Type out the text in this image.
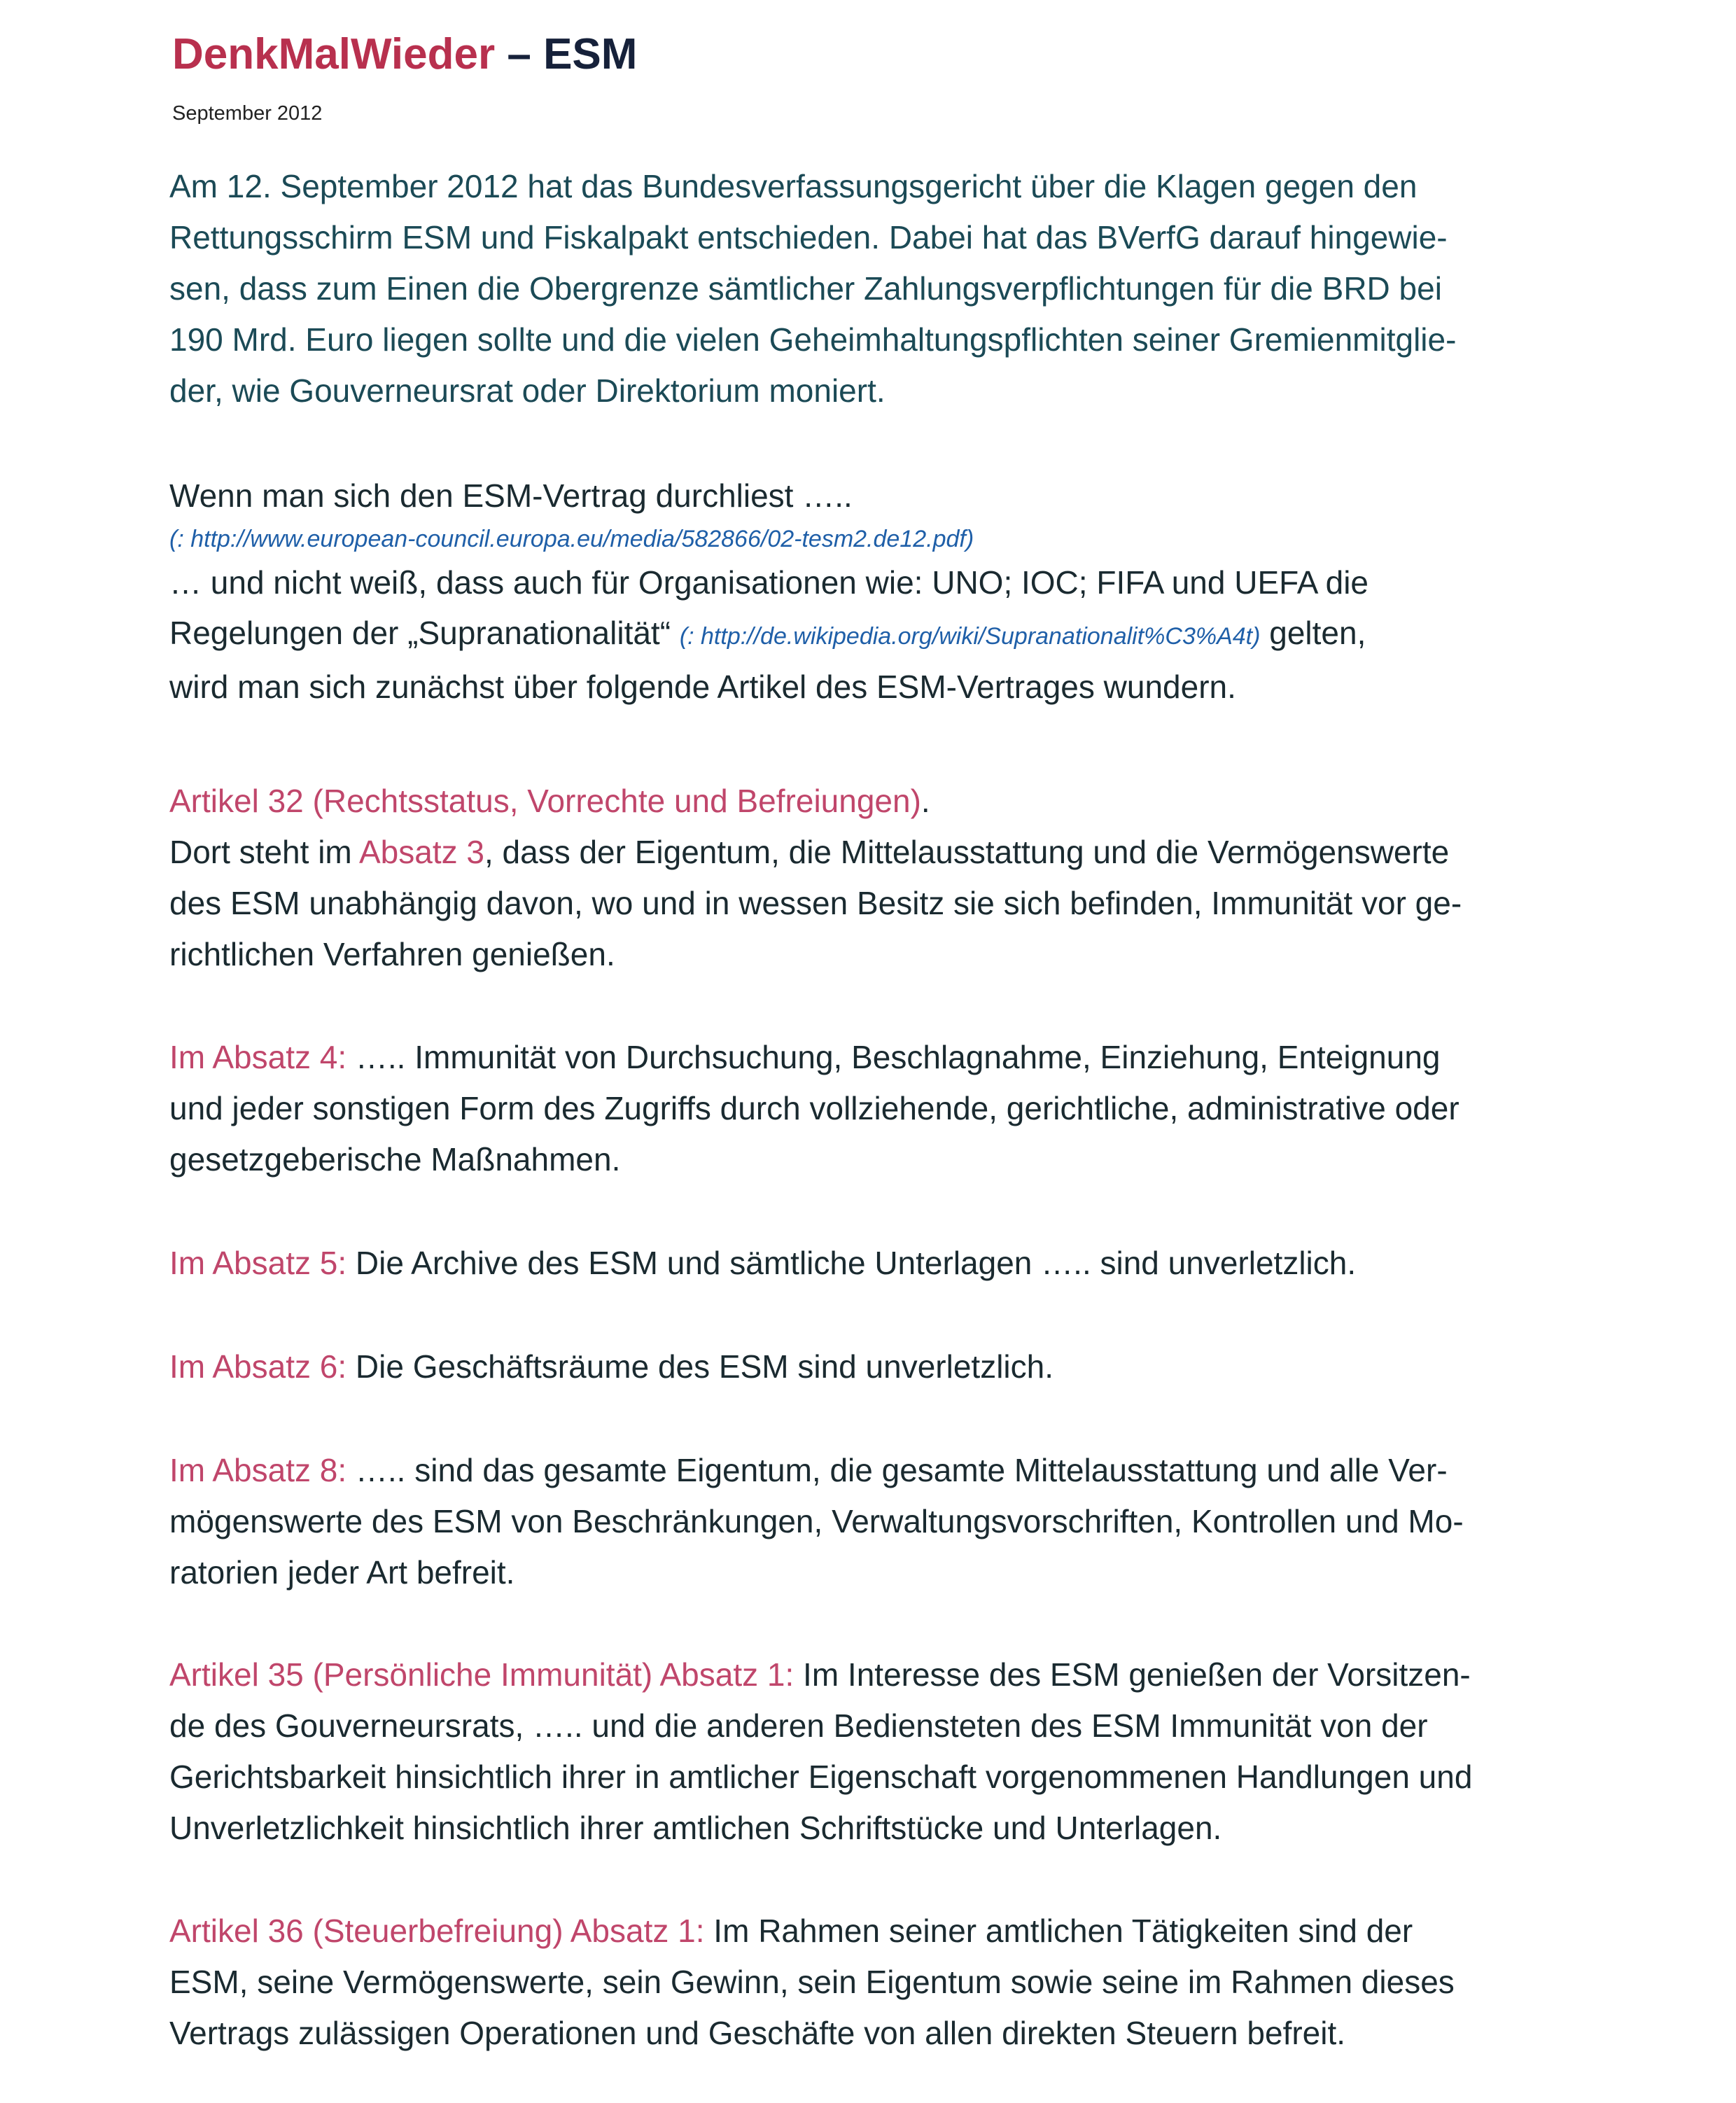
DenkMalWieder – ESM
September 2012
Am 12. September 2012 hat das Bundesverfassungsgericht über die Klagen gegen den
Rettungsschirm ESM und Fiskalpakt entschieden. Dabei hat das BVerfG darauf hingewie-
sen, dass zum Einen die Obergrenze sämtlicher Zahlungsverpflichtungen für die BRD bei
190 Mrd. Euro liegen sollte und die vielen Geheimhaltungspflichten seiner Gremienmitglie-
der, wie Gouverneursrat oder Direktorium moniert.
Wenn man sich den ESM-Vertrag durchliest …..
(: http://www.european-council.europa.eu/media/582866/02-tesm2.de12.pdf)
… und nicht weiß, dass auch für Organisationen wie: UNO; IOC; FIFA und UEFA die
Regelungen der „Supranationalität“ (: http://de.wikipedia.org/wiki/Supranationalit%C3%A4t) gelten,
wird man sich zunächst über folgende Artikel des ESM-Vertrages wundern.
Artikel 32 (Rechtsstatus, Vorrechte und Befreiungen).
Dort steht im Absatz 3, dass der Eigentum, die Mittelausstattung und die Vermögenswerte
des ESM unabhängig davon, wo und in wessen Besitz sie sich befinden, Immunität vor ge-
richtlichen Verfahren genießen.
Im Absatz 4: ….. Immunität von Durchsuchung, Beschlagnahme, Einziehung, Enteignung
und jeder sonstigen Form des Zugriffs durch vollziehende, gerichtliche, administrative oder
gesetzgeberische Maßnahmen.
Im Absatz 5: Die Archive des ESM und sämtliche Unterlagen ….. sind unverletzlich.
Im Absatz 6: Die Geschäftsräume des ESM sind unverletzlich.
Im Absatz 8: ….. sind das gesamte Eigentum, die gesamte Mittelausstattung und alle Ver-
mögenswerte des ESM von Beschränkungen, Verwaltungsvorschriften, Kontrollen und Mo-
ratorien jeder Art befreit.
Artikel 35 (Persönliche Immunität) Absatz 1: Im Interesse des ESM genießen der Vorsitzen-
de des Gouverneursrats, ….. und die anderen Bediensteten des ESM Immunität von der
Gerichtsbarkeit hinsichtlich ihrer in amtlicher Eigenschaft vorgenommenen Handlungen und
Unverletzlichkeit hinsichtlich ihrer amtlichen Schriftstücke und Unterlagen.
Artikel 36 (Steuerbefreiung) Absatz 1: Im Rahmen seiner amtlichen Tätigkeiten sind der
ESM, seine Vermögenswerte, sein Gewinn, sein Eigentum sowie seine im Rahmen dieses
Vertrags zulässigen Operationen und Geschäfte von allen direkten Steuern befreit.
